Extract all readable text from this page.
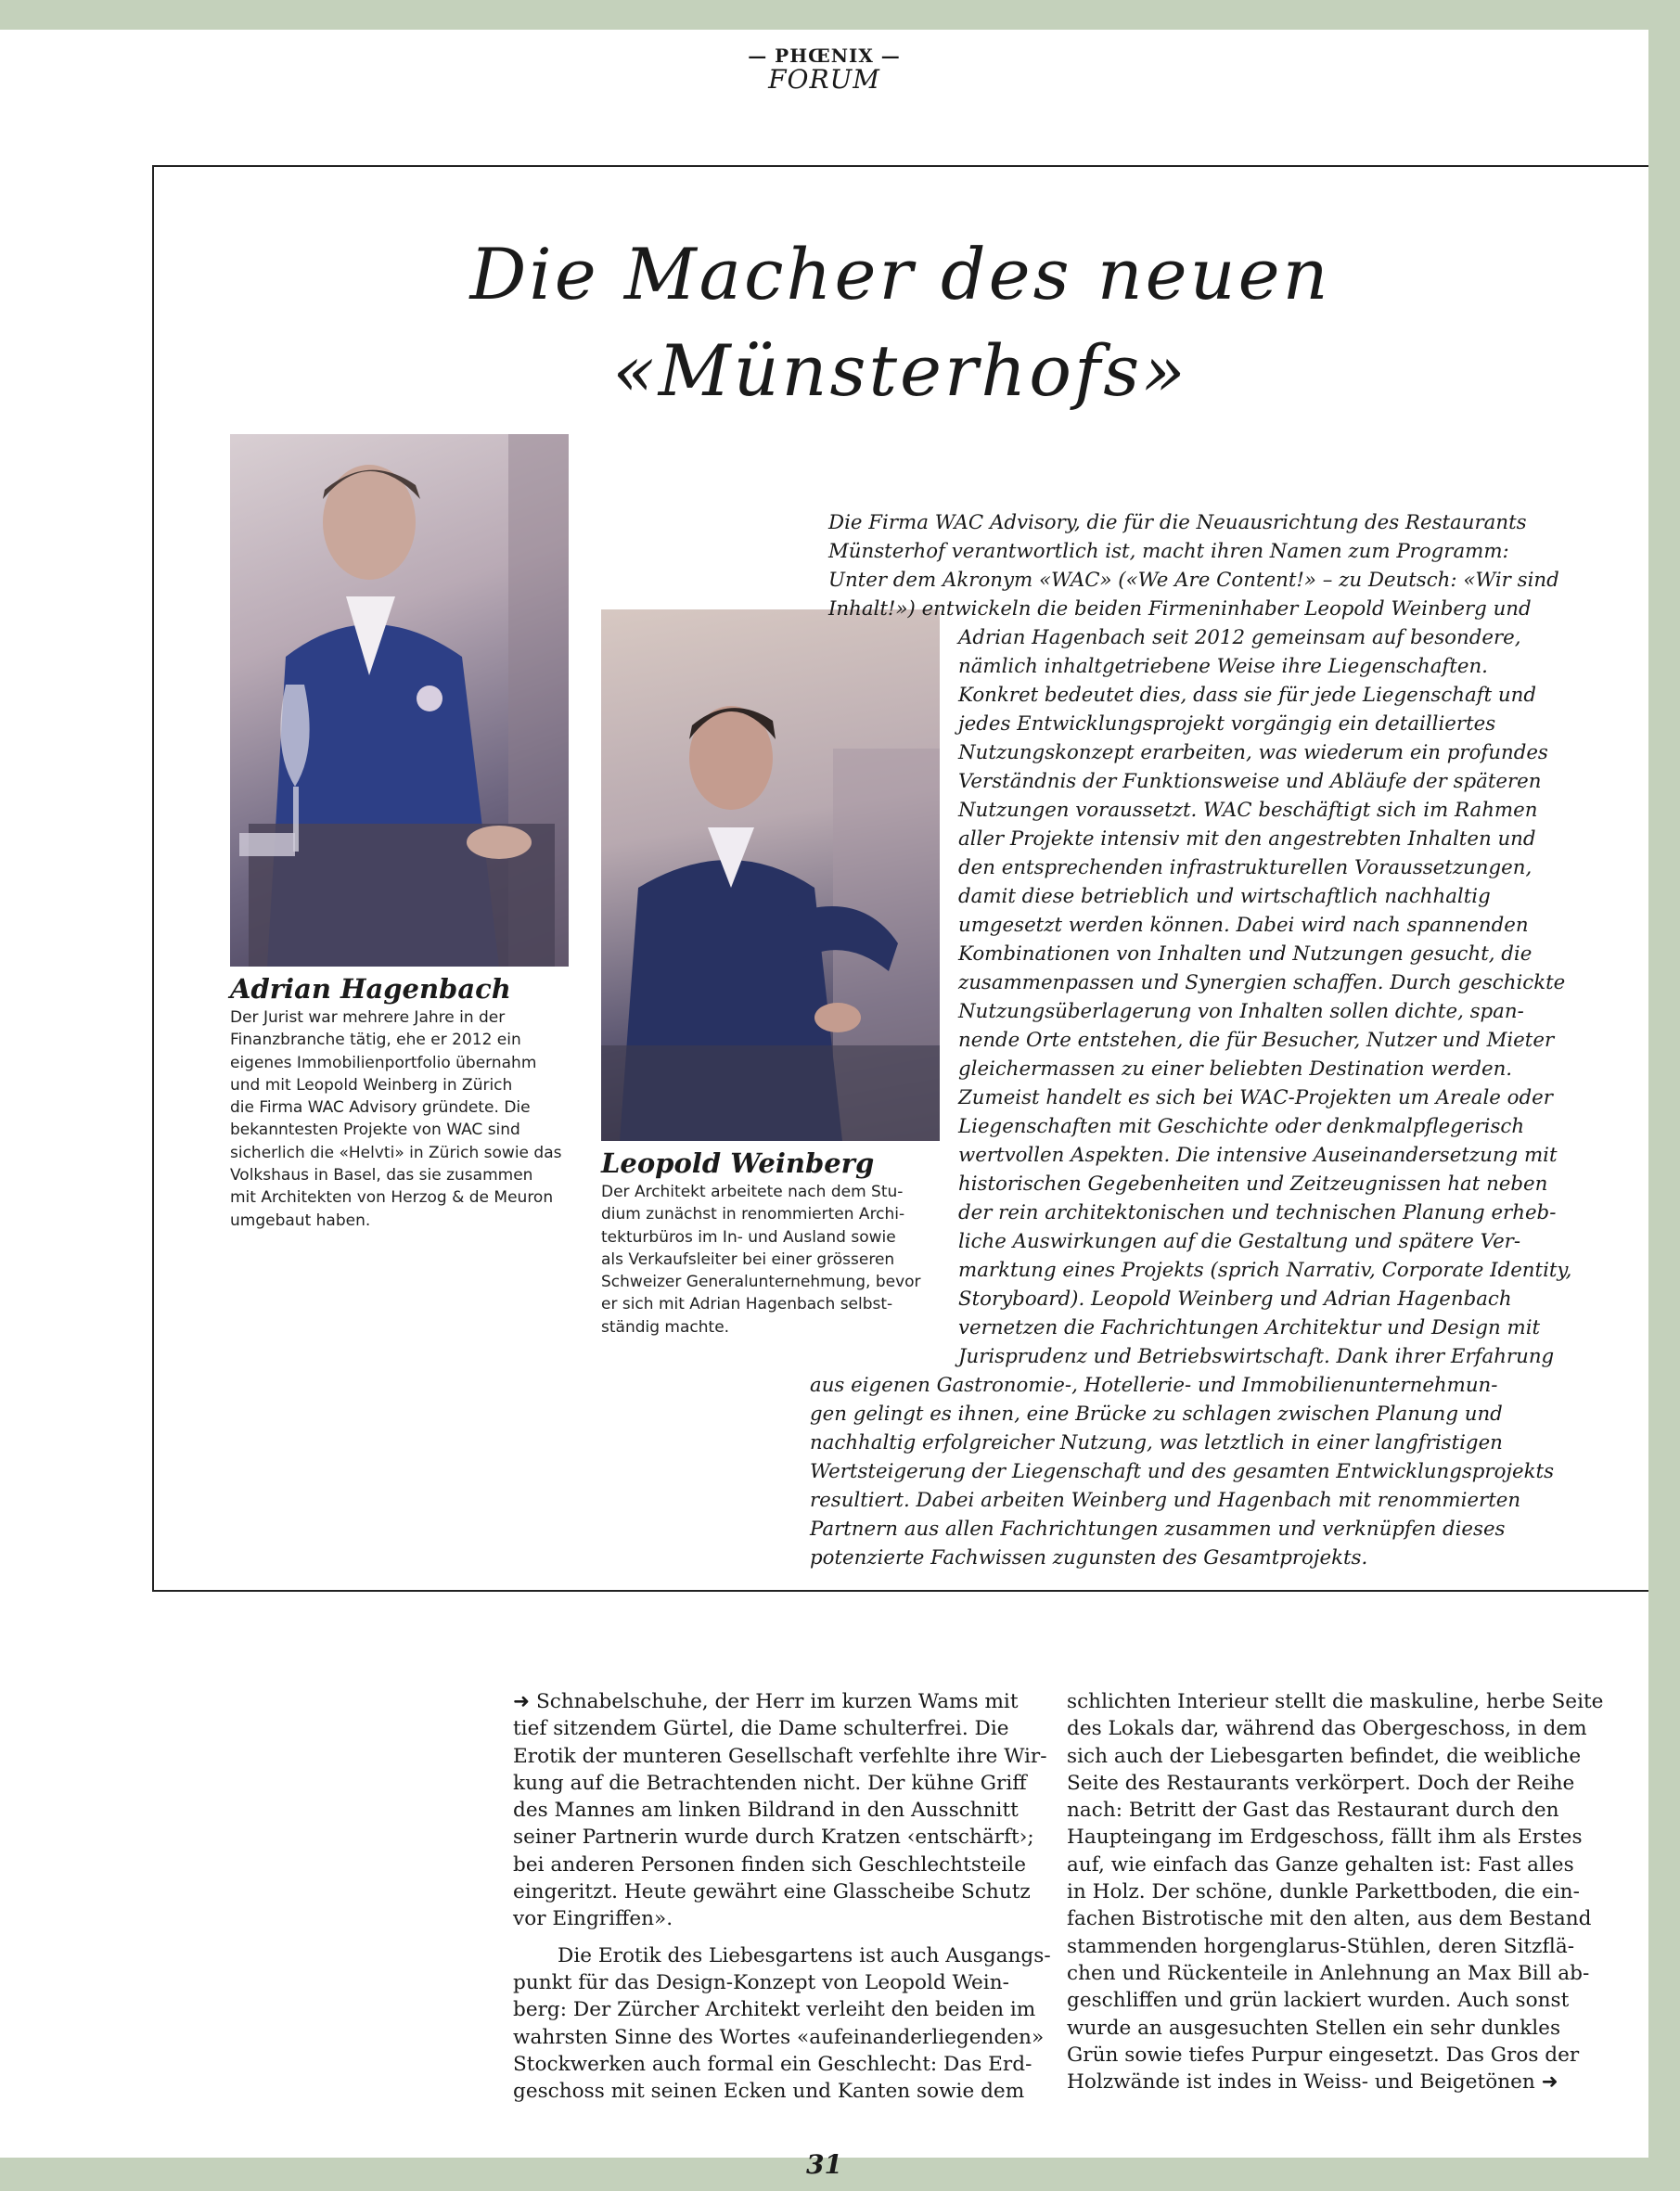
— PHŒNIX —
FORUM
Die Macher des neuen
«Münsterhofs»
Adrian Hagenbach
Der Jurist war mehrere Jahre in der
Finanzbranche tätig, ehe er 2012 ein
eigenes Immobilienportfolio übernahm
und mit Leopold Weinberg in Zürich
die Firma WAC Advisory gründete. Die
bekanntesten Projekte von WAC sind
sicherlich die «Helvti» in Zürich sowie das
Volkshaus in Basel, das sie zusammen
mit Architekten von Herzog & de Meuron
umgebaut haben.
Leopold Weinberg
Der Architekt arbeitete nach dem Stu-
dium zunächst in renommierten Archi-
tekturbüros im In- und Ausland sowie
als Verkaufsleiter bei einer grösseren
Schweizer Generalunternehmung, bevor
er sich mit Adrian Hagenbach selbst-
ständig machte.
Die Firma WAC Advisory, die für die Neuausrichtung des Restaurants
Münsterhof verantwortlich ist, macht ihren Namen zum Programm:
Unter dem Akronym «WAC» («We Are Content!» – zu Deutsch: «Wir sind
Inhalt!») entwickeln die beiden Firmeninhaber Leopold Weinberg und
Adrian Hagenbach seit 2012 gemeinsam auf besondere,
nämlich inhaltgetriebene Weise ihre Liegenschaften.
Konkret bedeutet dies, dass sie für jede Liegenschaft und
jedes Entwicklungsprojekt vorgängig ein detailliertes
Nutzungskonzept erarbeiten, was wiederum ein profundes
Verständnis der Funktionsweise und Abläufe der späteren
Nutzungen voraussetzt. WAC beschäftigt sich im Rahmen
aller Projekte intensiv mit den angestrebten Inhalten und
den entsprechenden infrastrukturellen Voraussetzungen,
damit diese betrieblich und wirtschaftlich nachhaltig
umgesetzt werden können. Dabei wird nach spannenden
Kombinationen von Inhalten und Nutzungen gesucht, die
zusammenpassen und Synergien schaffen. Durch geschickte
Nutzungsüberlagerung von Inhalten sollen dichte, span-
nende Orte entstehen, die für Besucher, Nutzer und Mieter
gleichermassen zu einer beliebten Destination werden.
Zumeist handelt es sich bei WAC-Projekten um Areale oder
Liegenschaften mit Geschichte oder denkmalpflegerisch
wertvollen Aspekten. Die intensive Auseinandersetzung mit
historischen Gegebenheiten und Zeitzeugnissen hat neben
der rein architektonischen und technischen Planung erheb-
liche Auswirkungen auf die Gestaltung und spätere Ver-
marktung eines Projekts (sprich Narrativ, Corporate Identity,
Storyboard). Leopold Weinberg und Adrian Hagenbach
vernetzen die Fachrichtungen Architektur und Design mit
Jurisprudenz und Betriebswirtschaft. Dank ihrer Erfahrung
aus eigenen Gastronomie-, Hotellerie- und Immobilienunternehmun-
gen gelingt es ihnen, eine Brücke zu schlagen zwischen Planung und
nachhaltig erfolgreicher Nutzung, was letztlich in einer langfristigen
Wertsteigerung der Liegenschaft und des gesamten Entwicklungsprojekts
resultiert. Dabei arbeiten Weinberg und Hagenbach mit renommierten
Partnern aus allen Fachrichtungen zusammen und verknüpfen dieses
potenzierte Fachwissen zugunsten des Gesamtprojekts.
➜ Schnabelschuhe, der Herr im kurzen Wams mit
tief sitzendem Gürtel, die Dame schulterfrei. Die
Erotik der munteren Gesellschaft verfehlte ihre Wir-
kung auf die Betrachtenden nicht. Der kühne Griff
des Mannes am linken Bildrand in den Ausschnitt
seiner Partnerin wurde durch Kratzen ‹entschärft›;
bei anderen Personen finden sich Geschlechtsteile
eingeritzt. Heute gewährt eine Glasscheibe Schutz
vor Eingriffen».
Die Erotik des Liebesgartens ist auch Ausgangs-
punkt für das Design-Konzept von Leopold Wein-
berg: Der Zürcher Architekt verleiht den beiden im
wahrsten Sinne des Wortes «aufeinanderliegenden»
Stockwerken auch formal ein Geschlecht: Das Erd-
geschoss mit seinen Ecken und Kanten sowie dem
schlichten Interieur stellt die maskuline, herbe Seite
des Lokals dar, während das Obergeschoss, in dem
sich auch der Liebesgarten befindet, die weibliche
Seite des Restaurants verkörpert. Doch der Reihe
nach: Betritt der Gast das Restaurant durch den
Haupteingang im Erdgeschoss, fällt ihm als Erstes
auf, wie einfach das Ganze gehalten ist: Fast alles
in Holz. Der schöne, dunkle Parkettboden, die ein-
fachen Bistrotische mit den alten, aus dem Bestand
stammenden horgenglarus-Stühlen, deren Sitzflä-
chen und Rückenteile in Anlehnung an Max Bill ab-
geschliffen und grün lackiert wurden. Auch sonst
wurde an ausgesuchten Stellen ein sehr dunkles
Grün sowie tiefes Purpur eingesetzt. Das Gros der
Holzwände ist indes in Weiss- und Beigetönen ➜
31
